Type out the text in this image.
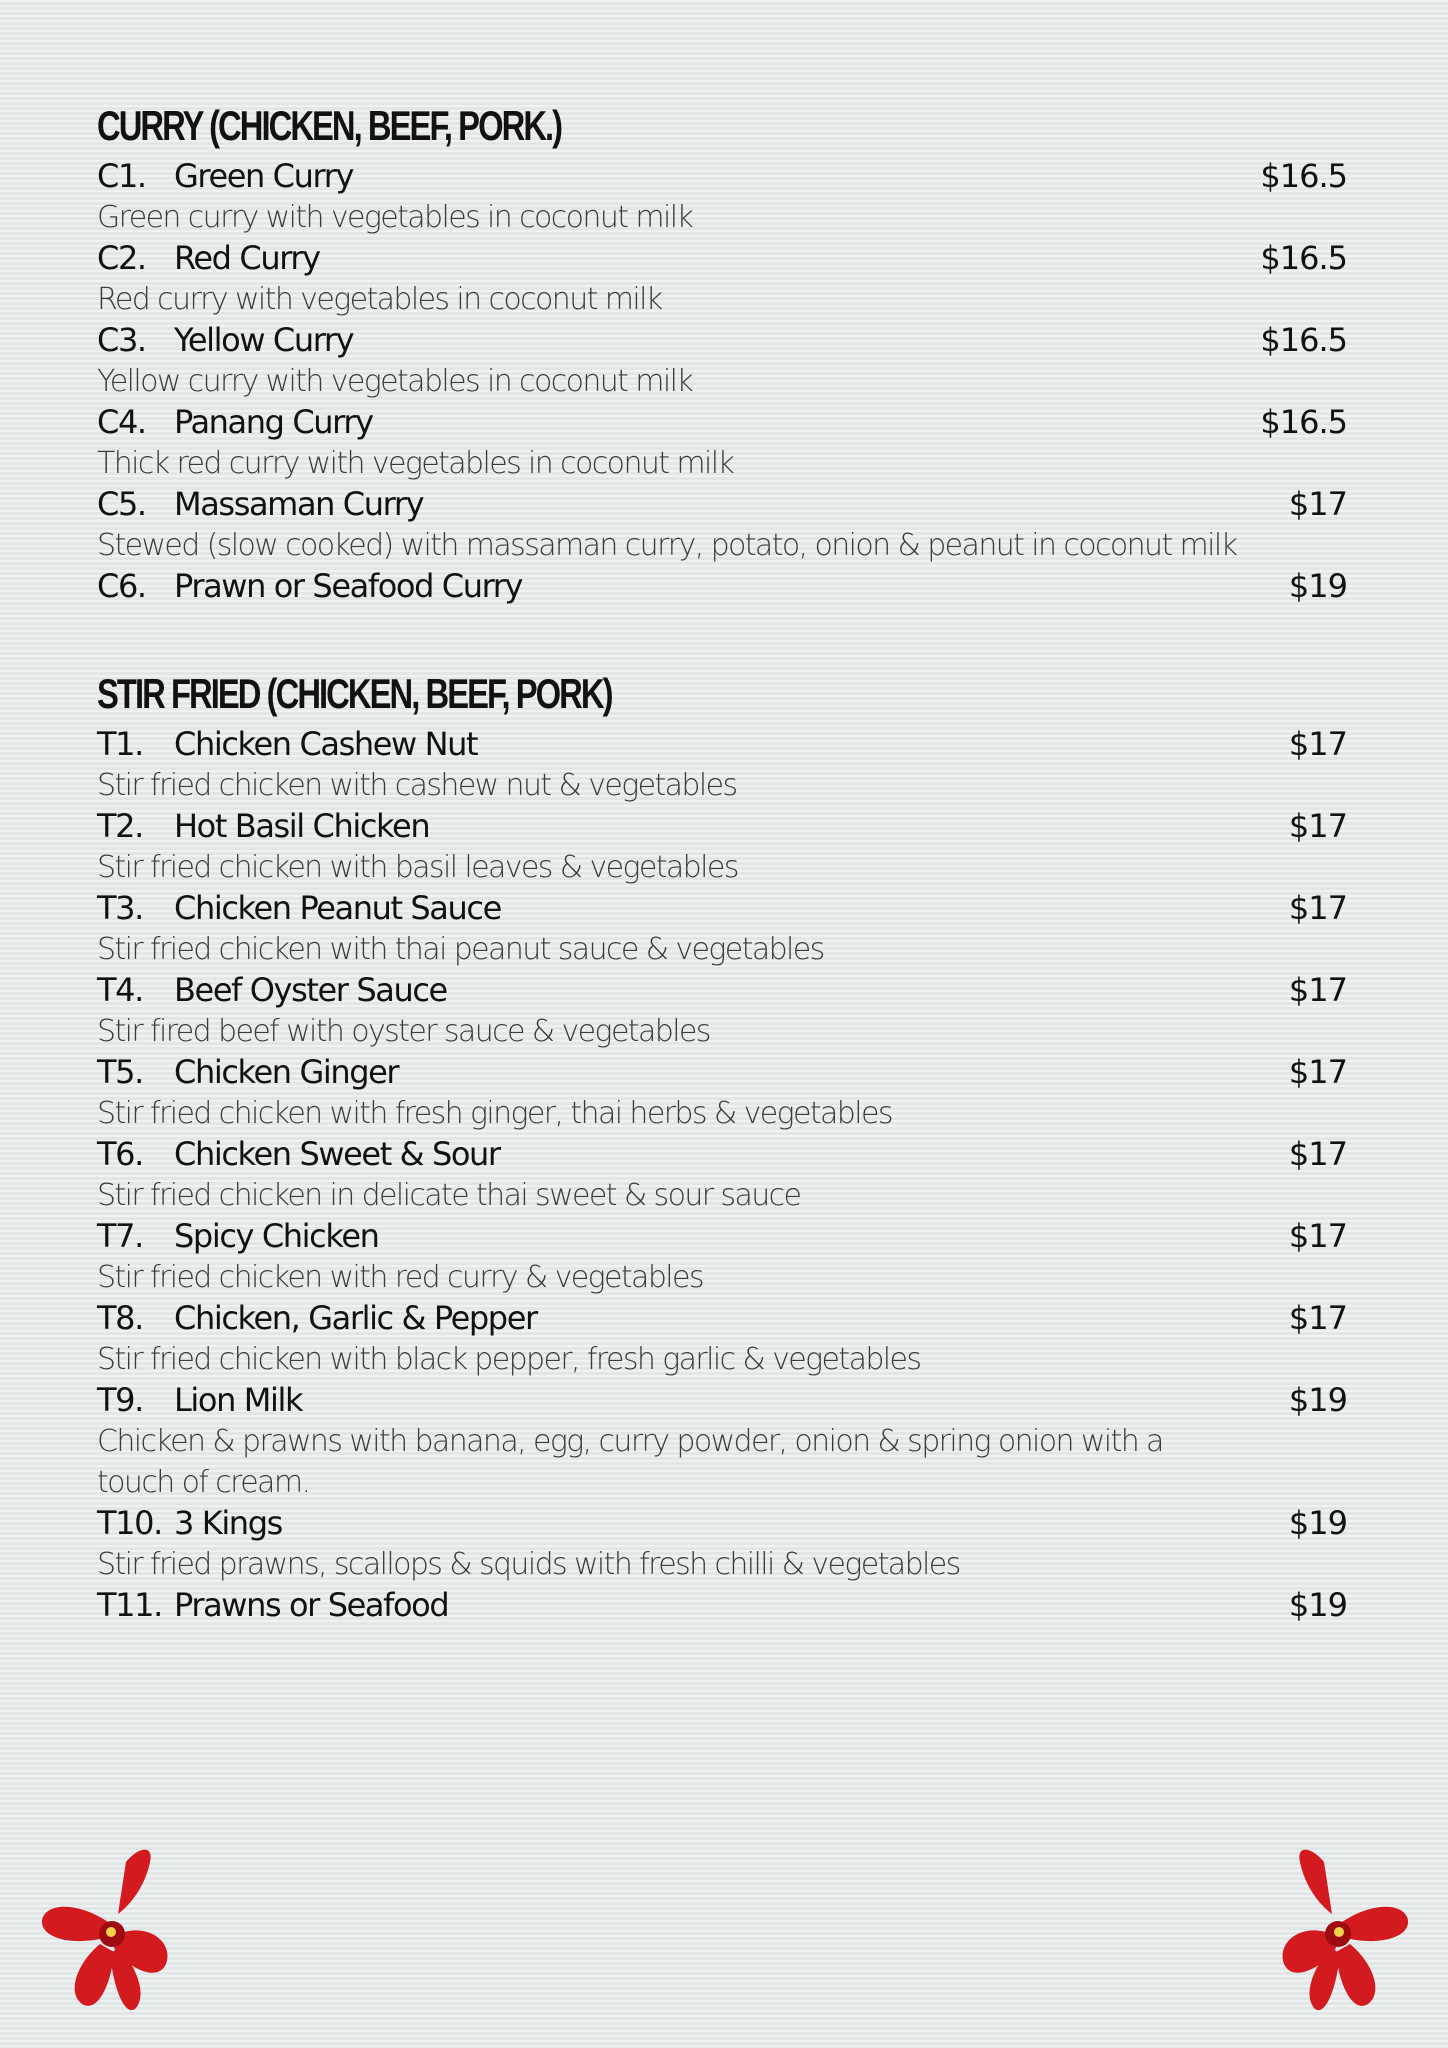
CURRY (CHICKEN, BEEF, PORK.)
C1. Green Curry	$16.5
Green curry with vegetables in coconut milk
C2. Red Curry	$16.5
Red curry with vegetables in coconut milk
C3. Yellow Curry	$16.5
Yellow curry with vegetables in coconut milk
C4. Panang Curry	$16.5
Thick red curry with vegetables in coconut milk
C5. Massaman Curry	$17
Stewed (slow cooked) with massaman curry, potato, onion & peanut in coconut milk
C6. Prawn or Seafood Curry	$19
STIR FRIED (CHICKEN, BEEF, PORK)
T1. Chicken Cashew Nut	$17
Stir fried chicken with cashew nut & vegetables
T2. Hot Basil Chicken	$17
Stir fried chicken with basil leaves & vegetables
T3. Chicken Peanut Sauce	$17
Stir fried chicken with thai peanut sauce & vegetables
T4. Beef Oyster Sauce	$17
Stir fired beef with oyster sauce & vegetables
T5. Chicken Ginger	$17
Stir fried chicken with fresh ginger, thai herbs & vegetables
T6. Chicken Sweet & Sour	$17
Stir fried chicken in delicate thai sweet & sour sauce
T7. Spicy Chicken	$17
Stir fried chicken with red curry & vegetables
T8. Chicken, Garlic & Pepper	$17
Stir fried chicken with black pepper, fresh garlic & vegetables
T9. Lion Milk	$19
Chicken & prawns with banana, egg, curry powder, onion & spring onion with a touch of cream.
T10. 3 Kings	$19
Stir fried prawns, scallops & squids with fresh chilli & vegetables
T11. Prawns or Seafood	$19
